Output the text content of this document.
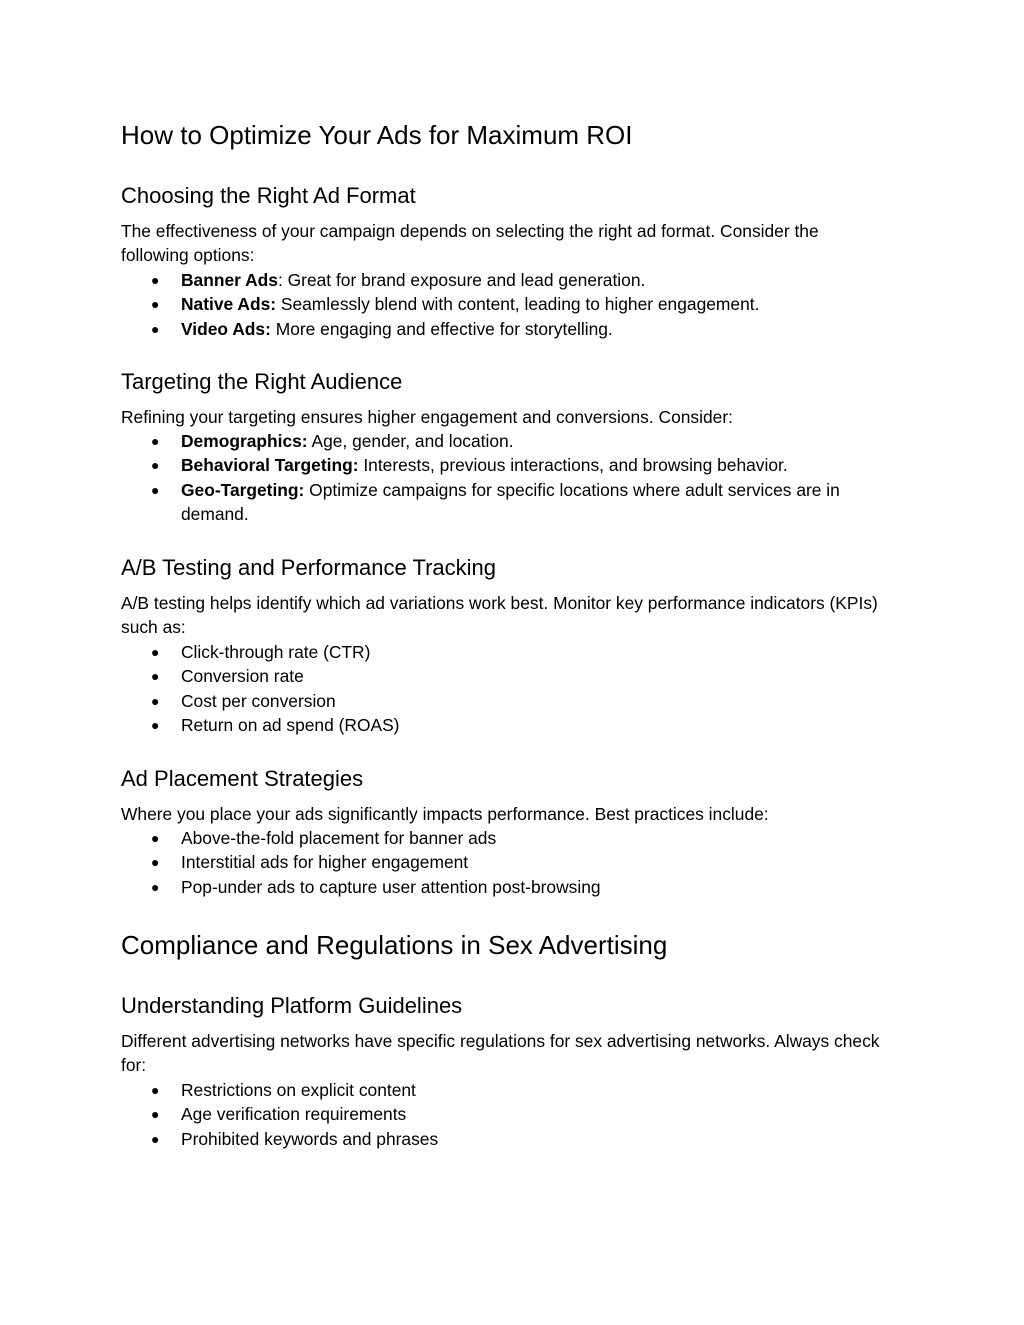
How to Optimize Your Ads for Maximum ROI
Choosing the Right Ad Format

The effectiveness of your campaign depends on selecting the right ad format. Consider the following options:

● Banner Ads: Great for brand exposure and lead generation.
● Native Ads: Seamlessly blend with content, leading to higher engagement.
● Video Ads: More engaging and effective for storytelling.
Targeting the Right Audience

Refining your targeting ensures higher engagement and conversions. Consider:

● Demographics: Age, gender, and location.
● Behavioral Targeting: Interests, previous interactions, and browsing behavior.
● Geo-Targeting: Optimize campaigns for specific locations where adult services are in demand.
A/B Testing and Performance Tracking

A/B testing helps identify which ad variations work best. Monitor key performance indicators (KPIs) such as:

● Click-through rate (CTR)
● Conversion rate
● Cost per conversion
● Return on ad spend (ROAS)
Ad Placement Strategies

Where you place your ads significantly impacts performance. Best practices include:

● Above-the-fold placement for banner ads
● Interstitial ads for higher engagement
● Pop-under ads to capture user attention post-browsing
Compliance and Regulations in Sex Advertising
Understanding Platform Guidelines

Different advertising networks have specific regulations for sex advertising networks. Always check for:

● Restrictions on explicit content
● Age verification requirements
● Prohibited keywords and phrases
